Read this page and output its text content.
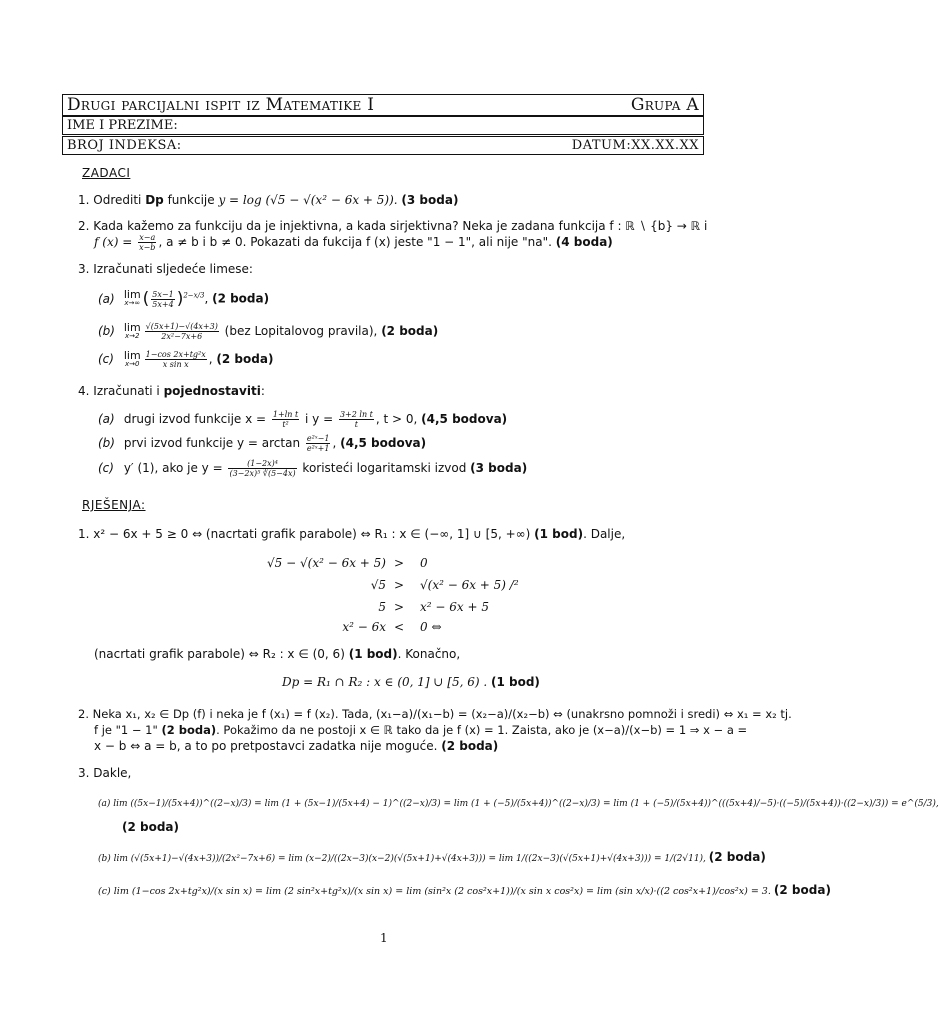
Drugi parcijalni ispit iz Matematike I	Grupa A
IME I PREZIME:
BROJ INDEKSA:	DATUM:XX.XX.XX
ZADACI
1. Odrediti Dp funkcije y = log (√5 − √(x² − 6x + 5)). (3 boda)
2. Kada kažemo za funkciju da je injektivna, a kada sirjektivna? Neka je zadana funkcija f : ℝ ∖ {b} → ℝ i
f $(x) = \frac{x-a}{x-b}$ , a ≠ b i b ≠ 0. Pokazati da fukcija f (x) jeste "1 − 1", ali nije "na". (4 boda)
3. Izračunati sljedeće limese:
(a) lim
x→∞ ( $\frac{5x-1}{5x+4} )^{2-x/3}$, (2 boda)
(b) lim
$x\to 2 \frac{√(5x+1)-√(4x+3)}{\text{2x²−7x+6}} (bez$ Lopitalovog pravila), (2 boda)
(c) lim
$x\to 0 \frac{\text{1−cos 2x+tg²x}}{\text{x sin x}}$ , (2 boda)
4. Izračunati i pojednostaviti:
(a) drugi izvod funkcije $x = \frac{\text{1+ln t}}{\text{t²}}$ i $y = \frac{\text{3+2 ln t}}{t}$ , t > 0, (4,5 bodova)
(b) prvi izvod funkcije $y = \arctan \frac{\text{e²ˣ−1}}{\text{e²ˣ+1}}$ , (4,5 bodova)
(c) y′ (1), ako je $y = \frac{\text{(1−2x)⁴}}{\text{(3−2x)⁵ ∛(5−4x)}}$ koristeći logaritamski izvod (3 boda)
RJEŠENJA:
1. x² − 6x + 5 ≥ 0 ⇔ (nacrtati grafik parabole) ⇔ R₁ : x ∈ (−∞, 1] ∪ [5, +∞) (1 bod). Dalje,
√5 − √(x² − 6x + 5) > 0
√5 > √(x² − 6x + 5) /²
5 > x² − 6x + 5
x² − 6x < 0 ⇔
(nacrtati grafik parabole) ⇔ R₂ : x ∈ (0, 6) (1 bod). Konačno,
Dp = R₁ ∩ R₂ : x ∈ (0, 1] ∪ [5, 6) . (1 bod)
2. Neka x₁, x₂ ∈ Dp (f) i neka je f (x₁) = f (x₂). Tada, (x₁−a)/(x₁−b) = (x₂−a)/(x₂−b) ⇔ (unakrsno pomnoži i sredi) ⇔ x₁ = x₂ tj.
f je "1 − 1" (2 boda). Pokažimo da ne postoji x ∈ ℝ tako da je f (x) = 1. Zaista, ako je (x−a)/(x−b) = 1 ⇒ x − a =
x − b ⇔ a = b, a to po pretpostavci zadatka nije moguće. (2 boda)
3. Dakle,
(a) lim ((5x−1)/(5x+4))^((2−x)/3) = lim (1 + (5x−1)/(5x+4) − 1)^((2−x)/3) = lim (1 + (−5)/(5x+4))^((2−x)/3) = lim (1 + (−5)/(5x+4))^(((5x+4)/−5)·((−5)/(5x+4))·((2−x)/3)) = e^(5/3),
(2 boda)
(b) lim (√(5x+1)−√(4x+3))/(2x²−7x+6) = lim (x−2)/((2x−3)(x−2)(√(5x+1)+√(4x+3))) = lim 1/((2x−3)(√(5x+1)+√(4x+3))) = 1/(2√11), (2 boda)
(c) lim (1−cos 2x+tg²x)/(x sin x) = lim (2 sin²x+tg²x)/(x sin x) = lim (sin²x (2 cos²x+1))/(x sin x cos²x) = lim (sin x/x)·((2 cos²x+1)/cos²x) = 3. (2 boda)
1
